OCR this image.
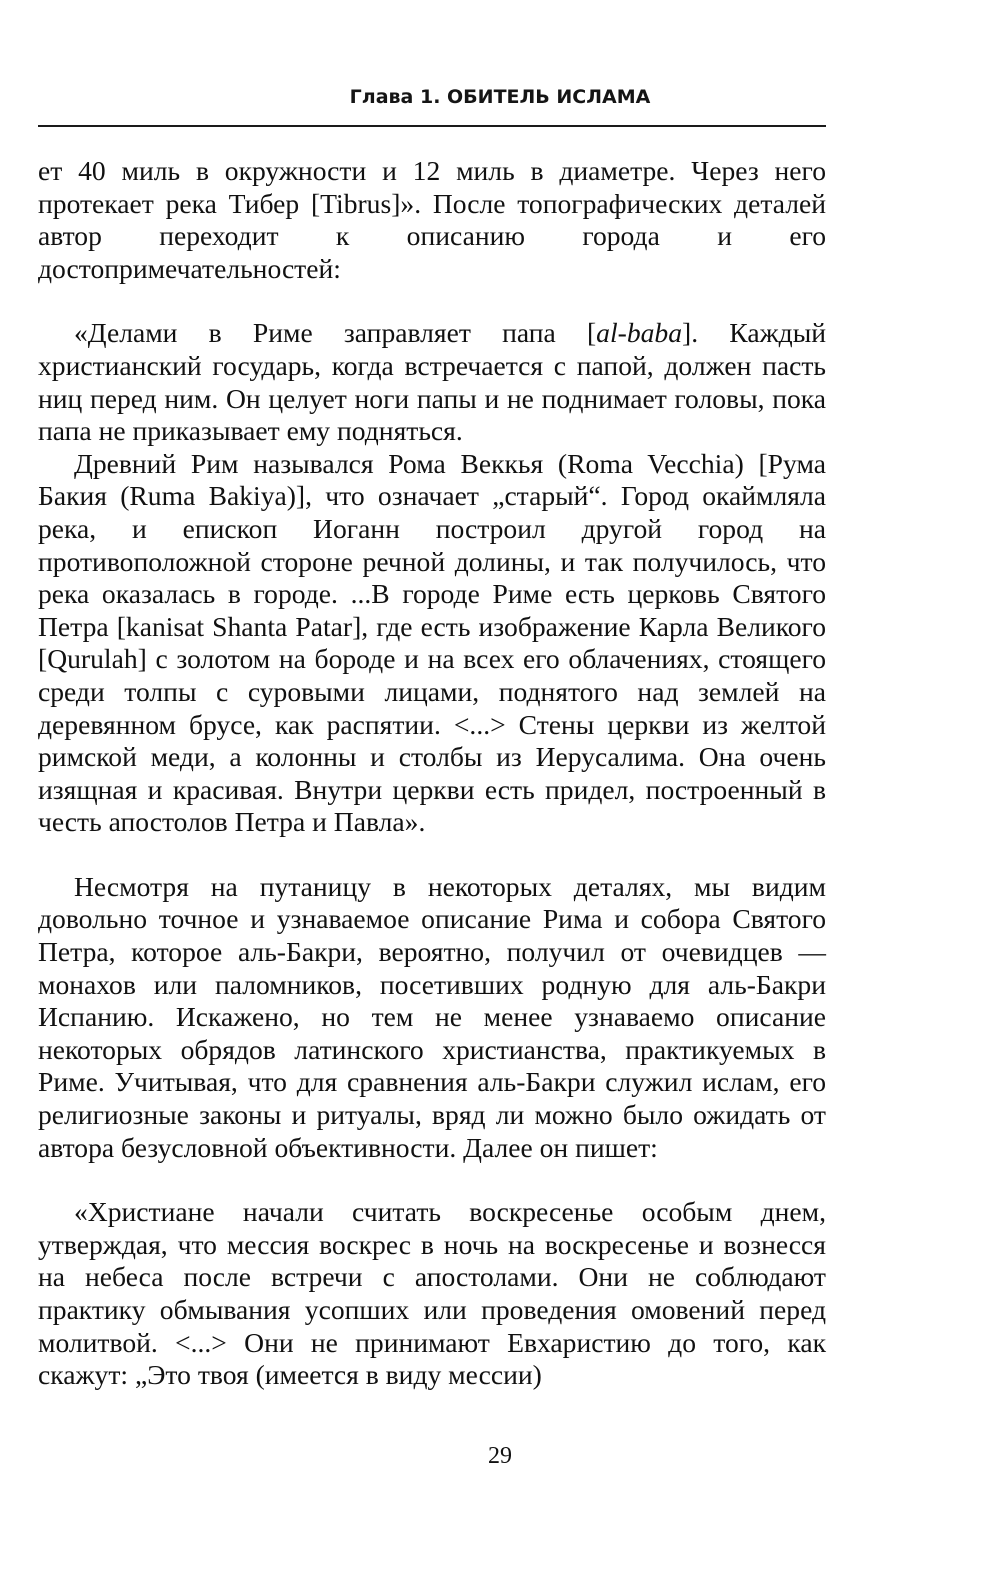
Глава 1. ОБИТЕЛЬ ИСЛАМА

ет 40 миль в окружности и 12 миль в диаметре. Через него протекает река Тибер [Tibrus]». После топографических деталей автор переходит к описанию города и его достопримечательностей:

«Делами в Риме заправляет папа [al-baba]. Каждый христианский государь, когда встречается с папой, должен пасть ниц перед ним. Он целует ноги папы и не поднимает головы, пока папа не приказывает ему подняться.

Древний Рим назывался Рома Веккья (Roma Vecchia) [Рума Бакия (Ruma Bakiya)], что означает „старый“. Город окаймляла река, и епископ Иоганн построил другой город на противоположной стороне речной долины, и так получилось, что река оказалась в городе. ...В городе Риме есть церковь Святого Петра [kanisat Shanta Patar], где есть изображение Карла Великого [Qurulah] с золотом на бороде и на всех его облачениях, стоящего среди толпы с суровыми лицами, поднятого над землей на деревянном брусе, как распятии. <...> Стены церкви из желтой римской меди, а колонны и столбы из Иерусалима. Она очень изящная и красивая. Внутри церкви есть придел, построенный в честь апостолов Петра и Павла».

Несмотря на путаницу в некоторых деталях, мы видим довольно точное и узнаваемое описание Рима и собора Святого Петра, которое аль-Бакри, вероятно, получил от очевидцев — монахов или паломников, посетивших родную для аль-Бакри Испанию. Искажено, но тем не менее узнаваемо описание некоторых обрядов латинского христианства, практикуемых в Риме. Учитывая, что для сравнения аль-Бакри служил ислам, его религиозные законы и ритуалы, вряд ли можно было ожидать от автора безусловной объективности. Далее он пишет:

«Христиане начали считать воскресенье особым днем, утверждая, что мессия воскрес в ночь на воскресенье и вознесся на небеса после встречи с апостолами. Они не соблюдают практику обмывания усопших или проведения омовений перед молитвой. <...> Они не принимают Евхаристию до того, как скажут: „Это твоя (имеется в виду мессии)

29
